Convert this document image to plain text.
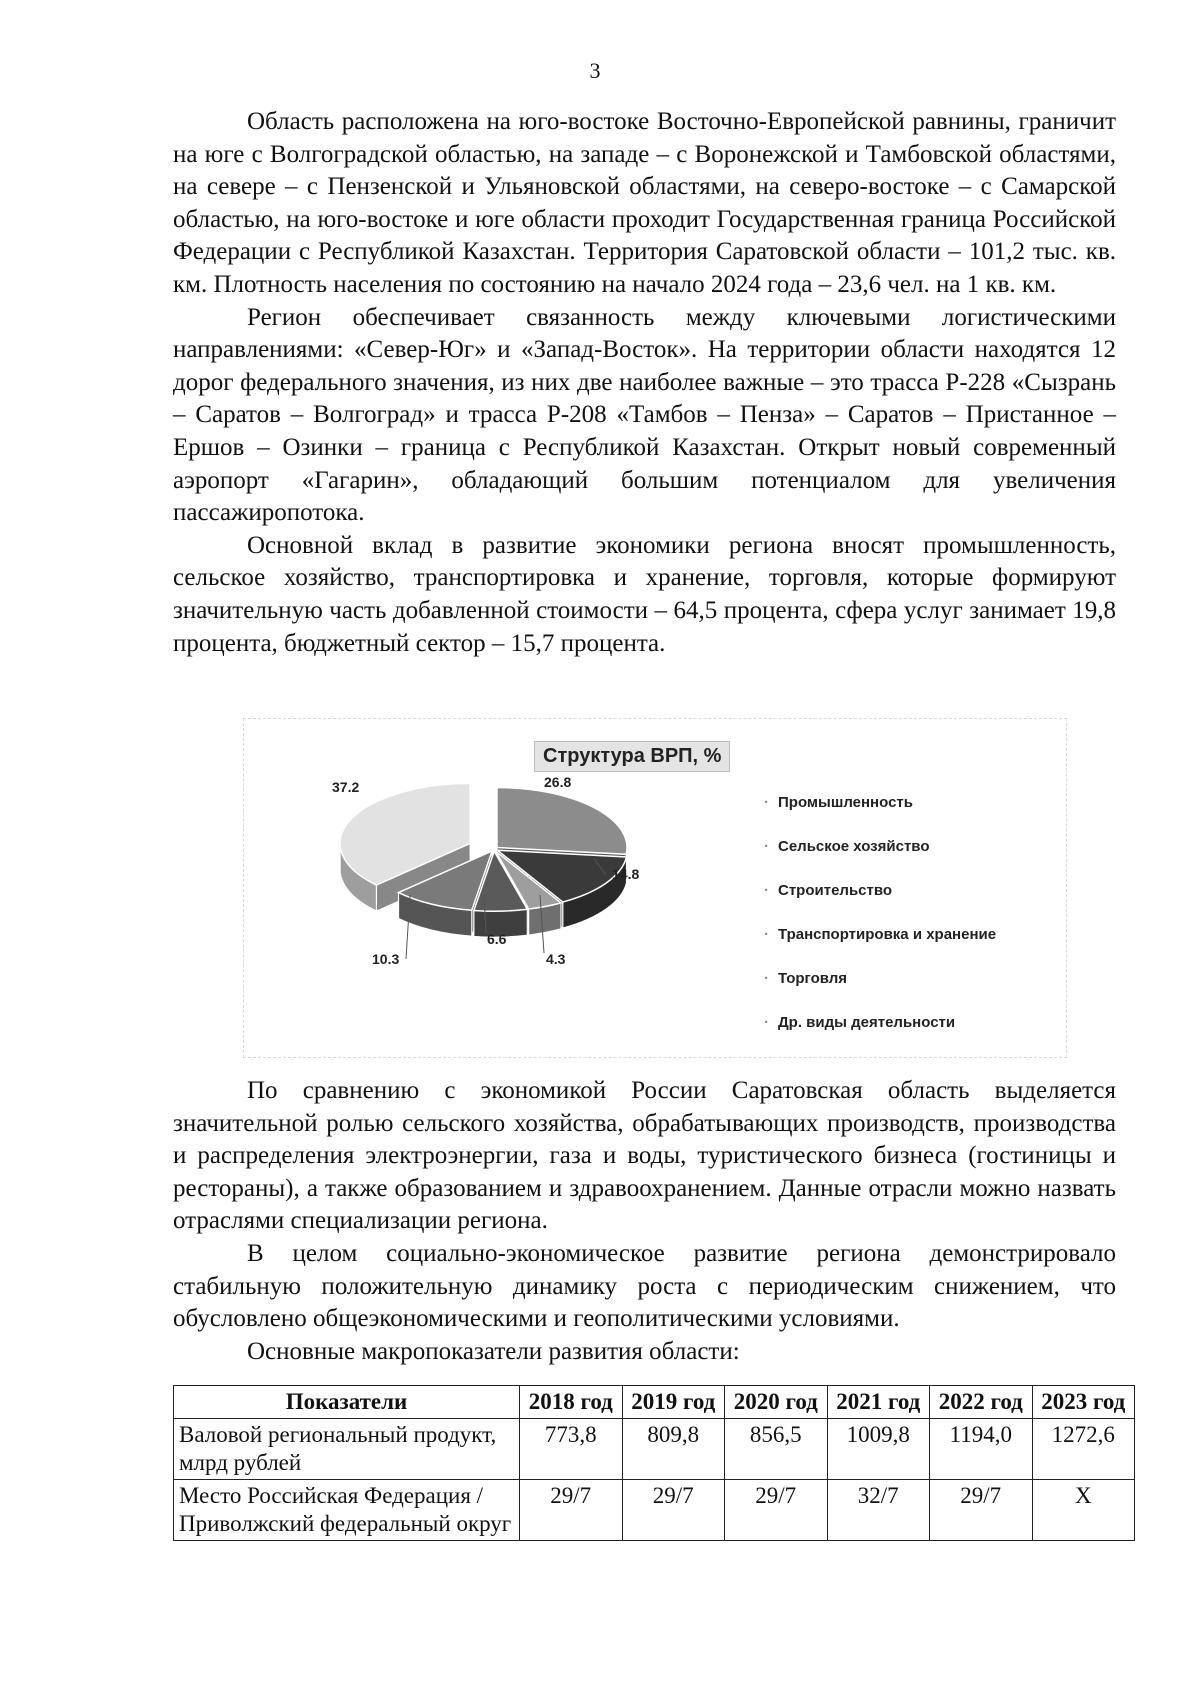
3

Область расположена на юго-востоке Восточно-Европейской равнины, граничит на юге с Волгоградской областью, на западе – с Воронежской и Тамбовской областями, на севере – с Пензенской и Ульяновской областями, на северо-востоке – с Самарской областью, на юго-востоке и юге области проходит Государственная граница Российской Федерации с Республикой Казахстан. Территория Саратовской области – 101,2 тыс. кв. км. Плотность населения по состоянию на начало 2024 года – 23,6 чел. на 1 кв. км.

Регион обеспечивает связанность между ключевыми логистическими направлениями: «Север-Юг» и «Запад-Восток». На территории области находятся 12 дорог федерального значения, из них две наиболее важные – это трасса Р-228 «Сызрань – Саратов – Волгоград» и трасса Р-208 «Тамбов – Пенза» – Саратов – Пристанное – Ершов – Озинки – граница с Республикой Казахстан. Открыт новый современный аэропорт «Гагарин», обладающий большим потенциалом для увеличения пассажиропотока.

Основной вклад в развитие экономики региона вносят промышленность, сельское хозяйство, транспортировка и хранение, торговля, которые формируют значительную часть добавленной стоимости – 64,5 процента, сфера услуг занимает 19,8 процента, бюджетный сектор – 15,7 процента.

26.8
14.8
4.3
6.6
10.3
37.2
Структура ВРП, %
· Промышленность
· Сельское хозяйство
· Строительство
· Транспортировка и хранение
· Торговля
· Др. виды деятельности

По сравнению с экономикой России Саратовская область выделяется значительной ролью сельского хозяйства, обрабатывающих производств, производства и распределения электроэнергии, газа и воды, туристического бизнеса (гостиницы и рестораны), а также образованием и здравоохранением. Данные отрасли можно назвать отраслями специализации региона.

В целом социально-экономическое развитие региона демонстрировало стабильную положительную динамику роста с периодическим снижением, что обусловлено общеэкономическими и геополитическими условиями.

Основные макропоказатели развития области:

Показатели	2018 год	2019 год	2020 год	2021 год	2022 год	2023 год
Валовой региональный продукт, млрд рублей	773,8	809,8	856,5	1009,8	1194,0	1272,6
Место Российская Федерация / Приволжский федеральный округ	29/7	29/7	29/7	32/7	29/7	Х
